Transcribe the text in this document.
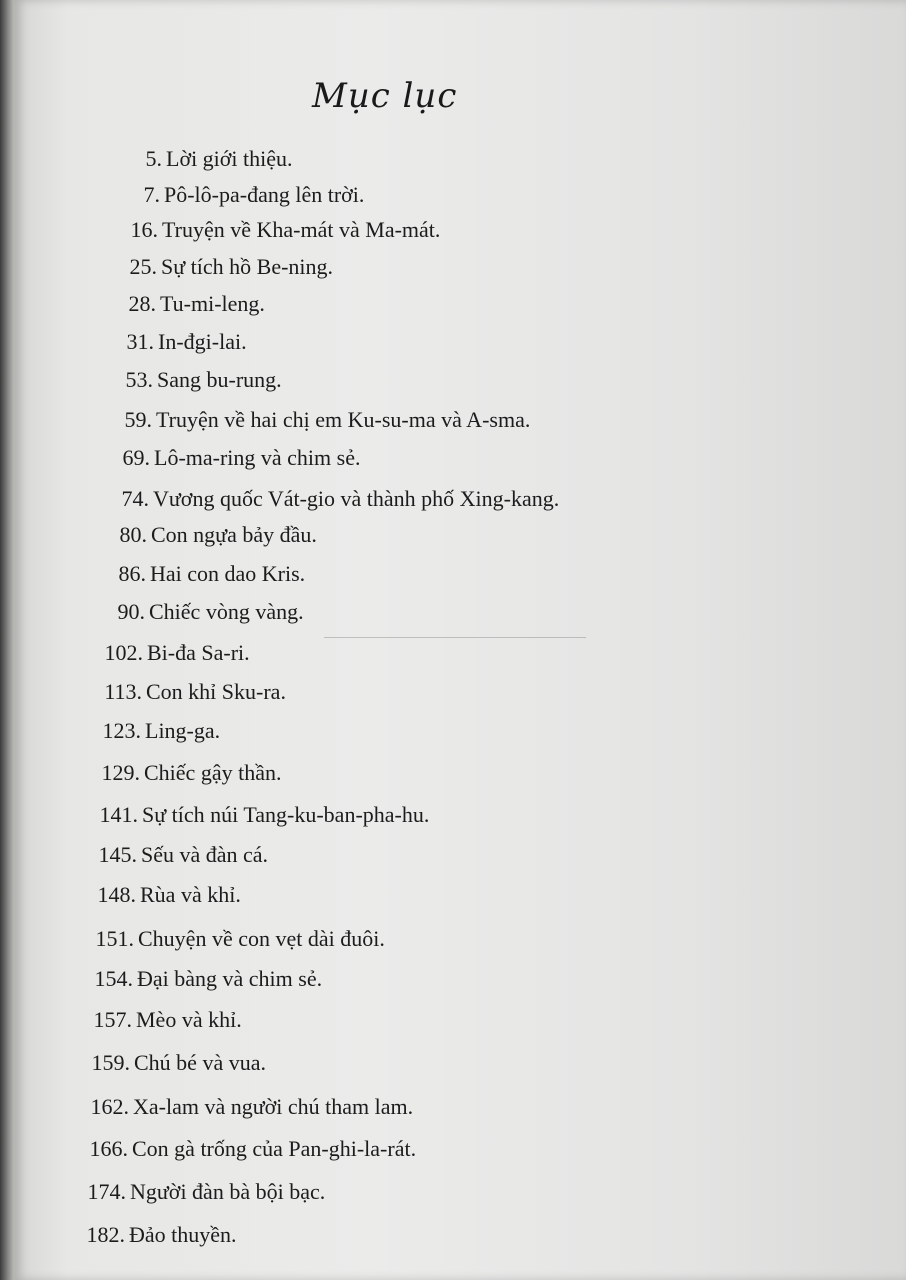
Mục lục
5. Lời giới thiệu.
7. Pô-lô-pa-đang lên trời.
16. Truyện về Kha-mát và Ma-mát.
25. Sự tích hồ Be-ning.
28. Tu-mi-leng.
31. In-đgi-lai.
53. Sang bu-rung.
59. Truyện về hai chị em Ku-su-ma và A-sma.
69. Lô-ma-ring và chim sẻ.
74. Vương quốc Vát-gio và thành phố Xing-kang.
80. Con ngựa bảy đầu.
86. Hai con dao Kris.
90. Chiếc vòng vàng.
102. Bi-đa Sa-ri.
113. Con khỉ Sku-ra.
123. Ling-ga.
129. Chiếc gậy thần.
141. Sự tích núi Tang-ku-ban-pha-hu.
145. Sếu và đàn cá.
148. Rùa và khỉ.
151. Chuyện về con vẹt dài đuôi.
154. Đại bàng và chim sẻ.
157. Mèo và khỉ.
159. Chú bé và vua.
162. Xa-lam và người chú tham lam.
166. Con gà trống của Pan-ghi-la-rát.
174. Người đàn bà bội bạc.
182. Đảo thuyền.
